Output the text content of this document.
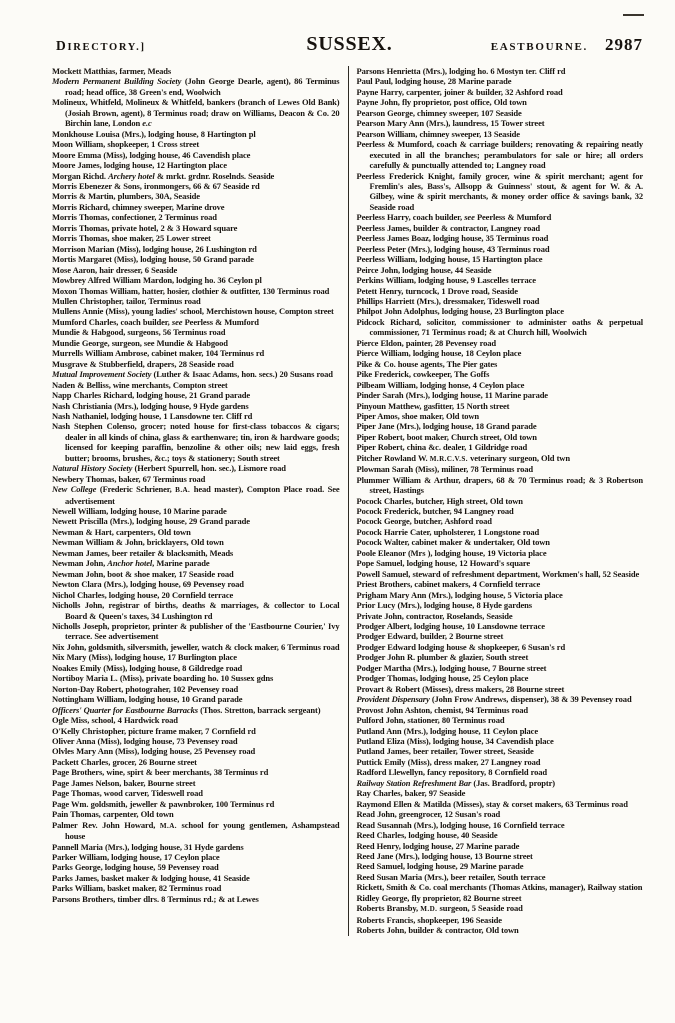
DIRECTORY.]	SUSSEX.	EASTBOURNE. 2987

Mockett Matthias, farmer, Meads

Modern Permanent Building Society (John George Dearle, agent), 86 Terminus road; head office, 38 Green's end, Woolwich

Molineux, Whitfeld, Molineux & Whitfeld, bankers (branch of Lewes Old Bank) (Josiah Brown, agent), 8 Terminus road; draw on Williams, Deacon & Co. 20 Birchin lane, London e.c

Monkhouse Louisa (Mrs.), lodging house, 8 Hartington pl

Moon William, shopkeeper, 1 Cross street

Moore Emma (Miss), lodging house, 46 Cavendish place

Moore James, lodging house, 12 Hartington place

Morgan Richd. Archery hotel & mrkt. grdnr. Roselnds. Seaside

Morris Ebenezer & Sons, ironmongers, 66 & 67 Seaside rd

Morris & Martin, plumbers, 30A, Seaside

Morris Richard, chimney sweeper, Marine drove

Morris Thomas, confectioner, 2 Terminus road

Morris Thomas, private hotel, 2 & 3 Howard square

Morris Thomas, shoe maker, 25 Lower street

Morrison Marian (Miss), lodging house, 26 Lushington rd

Mortis Margaret (Miss), lodging house, 50 Grand parade

Mose Aaron, hair dresser, 6 Seaside

Mowbrey Alfred William Mardon, lodging ho. 36 Ceylon pl

Moxon Thomas William, hatter, hosier, clothier & outfitter, 130 Terminus road

Mullen Christopher, tailor, Terminus road

Mullens Annie (Miss), young ladies' school, Merchistown house, Compton street

Mumford Charles, coach builder, see Peerless & Mumford

Mundie & Habgood, surgeons, 56 Terminus road

Mundie George, surgeon, see Mundie & Habgood

Murrells William Ambrose, cabinet maker, 104 Terminus rd

Musgrave & Stubberfield, drapers, 28 Seaside road

Mutual Improvement Society (Luther & Isaac Adams, hon. secs.) 20 Susans road

Naden & Belliss, wine merchants, Compton street

Napp Charles Richard, lodging house, 21 Grand parade

Nash Christiania (Mrs.), lodging house, 9 Hyde gardens

Nash Nathaniel, lodging house, 1 Lansdowne ter. Cliff rd

Nash Stephen Colenso, grocer; noted house for first-class tobaccos & cigars; dealer in all kinds of china, glass & earthenware; tin, iron & hardware goods; licensed for keeping paraffin, benzoline & other oils; new laid eggs, fresh butter; brooms, brushes, &c.; toys & stationery; South street

Natural History Society (Herbert Spurrell, hon. sec.), Lismore road

Newbery Thomas, baker, 67 Terminus road

New College (Frederic Schriener, B.A. head master), Compton Place road. See advertisement

Newell William, lodging house, 10 Marine parade

Newett Priscilla (Mrs.), lodging house, 29 Grand parade

Newman & Hart, carpenters, Old town

Newman William & John, bricklayers, Old town

Newman James, beer retailer & blacksmith, Meads

Newman John, Anchor hotel, Marine parade

Newman John, boot & shoe maker, 17 Seaside road

Newton Clara (Mrs.), lodging house, 69 Pevensey road

Nichol Charles, lodging house, 20 Cornfield terrace

Nicholls John, registrar of births, deaths & marriages, & collector to Local Board & Queen's taxes, 34 Lushington rd

Nicholls Joseph, proprietor, printer & publisher of the 'Eastbourne Courier,' Ivy terrace. See advertisement

Nix John, goldsmith, silversmith, jeweller, watch & clock maker, 6 Terminus road

Nix Mary (Miss), lodging house, 17 Burlington place

Noakes Emily (Miss), lodging house, 8 Gildredge road

Nortiboy Maria L. (Miss), private boarding ho. 10 Sussex gdns

Norton-Day Robert, photograher, 102 Pevensey road

Nottingham William, lodging house, 10 Grand parade

Officers' Quarter for Eastbourne Barracks (Thos. Stretton, barrack sergeant)

Ogle Miss, school, 4 Hardwick road

O'Kelly Christopher, picture frame maker, 7 Cornfield rd

Oliver Anna (Miss), lodging house, 73 Pevensey road

Olvles Mary Ann (Miss), lodging house, 25 Pevensey road

Packett Charles, grocer, 26 Bourne street

Page Brothers, wine, spirt & beer merchants, 38 Terminus rd

Page James Nelson, baker, Bourne street

Page Thomas, wood carver, Tideswell road

Page Wm. goldsmith, jeweller & pawnbroker, 100 Terminus rd

Pain Thomas, carpenter, Old town

Palmer Rev. John Howard, M.A. school for young gentlemen, Ashampstead house

Pannell Maria (Mrs.), lodging house, 31 Hyde gardens

Parker William, lodging house, 17 Ceylon place

Parks George, lodging house, 59 Pevensey road

Parks James, basket maker & lodging house, 41 Seaside

Parks William, basket maker, 82 Terminus road

Parsons Brothers, timber dlrs. 8 Terminus rd.; & at Lewes

Parsons Henrietta (Mrs.), lodging ho. 6 Mostyn ter. Cliff rd

Paul Paul, lodging house, 28 Marine parade

Payne Harry, carpenter, joiner & builder, 32 Ashford road

Payne John, fly proprietor, post office, Old town

Pearson George, chimney sweeper, 107 Seaside

Pearson Mary Ann (Mrs.), laundress, 15 Tower street

Pearson William, chimney sweeper, 13 Seaside

Peerless & Mumford, coach & carriage builders; renovating & repairing neatly executed in all the branches; perambulators for sale or hire; all orders carefully & punctually attended to; Langney road

Peerless Frederick Knight, family grocer, wine & spirit merchant; agent for Fremlin's ales, Bass's, Allsopp & Guinness' stout, & agent for W. & A. Gilbey, wine & spirit merchants, & money order office & savings bank, 32 Seaside road

Peerless Harry, coach builder, see Peerless & Mumford

Peerless James, builder & contractor, Langney road

Peerless James Boaz, lodging house, 35 Terminus road

Peerless Peter (Mrs.), lodging house, 43 Terminus road

Peerless William, lodging house, 15 Hartington place

Peirce John, lodging house, 44 Seaside

Perkins William, lodging house, 9 Lascelles terrace

Petett Henry, turncock, 1 Drove road, Seaside

Phillips Harriett (Mrs.), dressmaker, Tideswell road

Philpot John Adolphus, lodging house, 23 Burlington place

Pidcock Richard, solicitor, commissioner to administer oaths & perpetual commissioner, 71 Terminus road; & at Church hill, Woolwich

Pierce Eldon, painter, 28 Pevensey road

Pierce William, lodging house, 18 Ceylon place

Pike & Co. house agents, The Pier gates

Pike Frederick, cowkeeper, The Goffs

Pilbeam William, lodging honse, 4 Ceylon place

Pinder Sarah (Mrs.), lodging house, 11 Marine parade

Pinyoun Matthew, gasfitter, 15 North street

Piper Amos, shoe maker, Old town

Piper Jane (Mrs.), lodging house, 18 Grand parade

Piper Robert, boot maker, Church street, Old town

Piper Robert, china &c. dealer, 1 Gildridge road

Pitcher Rowland W. M.R.C.V.S. veterinary surgeon, Old twn

Plowman Sarah (Miss), miliner, 78 Terminus road

Plummer William & Arthur, drapers, 68 & 70 Terminus road; & 3 Robertson street, Hastings

Pocock Charles, butcher, High street, Old town

Pocock Frederick, butcher, 94 Langney road

Pocock George, butcher, Ashford road

Pocock Harrie Cater, upholsterer, 1 Longstone road

Pocock Walter, cabinet maker & undertaker, Old town

Poole Eleanor (Mrs ), lodging house, 19 Victoria place

Pope Samuel, lodging house, 12 Howard's square

Powell Samuel, steward of refreshment department, Workmen's hall, 52 Seaside

Priest Brothers, cabinet makers, 4 Cornfield terrace

Prigham Mary Ann (Mrs.), lodging house, 5 Victoria place

Prior Lucy (Mrs.), lodging house, 8 Hyde gardens

Private John, contractor, Roselands, Seaside

Prodger Albert, lodging house, 10 Lansdowne terrace

Prodger Edward, builder, 2 Bourne street

Prodger Edward lodging house & shopkeeper, 6 Susan's rd

Prodger John R. plumber & glazier, South street

Podger Martha (Mrs.), lodging house, 7 Bourne street

Prodger Thomas, lodging house, 25 Ceylon place

Provart & Robert (Misses), dress makers, 28 Bourne street

Provident Dispensary (John Frow Andrews, dispenser), 38 & 39 Pevensey road

Provost John Ashton, chemist, 94 Terminus road

Pulford John, stationer, 80 Terminus road

Putland Ann (Mrs.), lodging house, 11 Ceylon place

Putland Eliza (Miss), lodging house, 34 Cavendish place

Putland James, beer retailer, Tower street, Seaside

Puttick Emily (Miss), dress maker, 27 Langney road

Radford Llewellyn, fancy repository, 8 Cornfield road

Railway Station Refreshment Bar (Jas. Bradford, proptr)

Ray Charles, baker, 97 Seaside

Raymond Ellen & Matilda (Misses), stay & corset makers, 63 Terminus road

Read John, greengrocer, 12 Susan's road

Read Susannah (Mrs.), lodging house, 16 Cornfield terrace

Reed Charles, lodging house, 40 Seaside

Reed Henry, lodging house, 27 Marine parade

Reed Jane (Mrs.), lodging house, 13 Bourne street

Reed Samuel, lodging house, 29 Marine parade

Reed Susan Maria (Mrs.), beer retailer, South terrace

Rickett, Smith & Co. coal merchants (Thomas Atkins, manager), Railway station

Ridley George, fly proprietor, 82 Bourne street

Roberts Bransby, M.D. surgeon, 5 Seaside road

Roberts Francis, shopkeeper, 196 Seaside

Roberts John, builder & contractor, Old town
